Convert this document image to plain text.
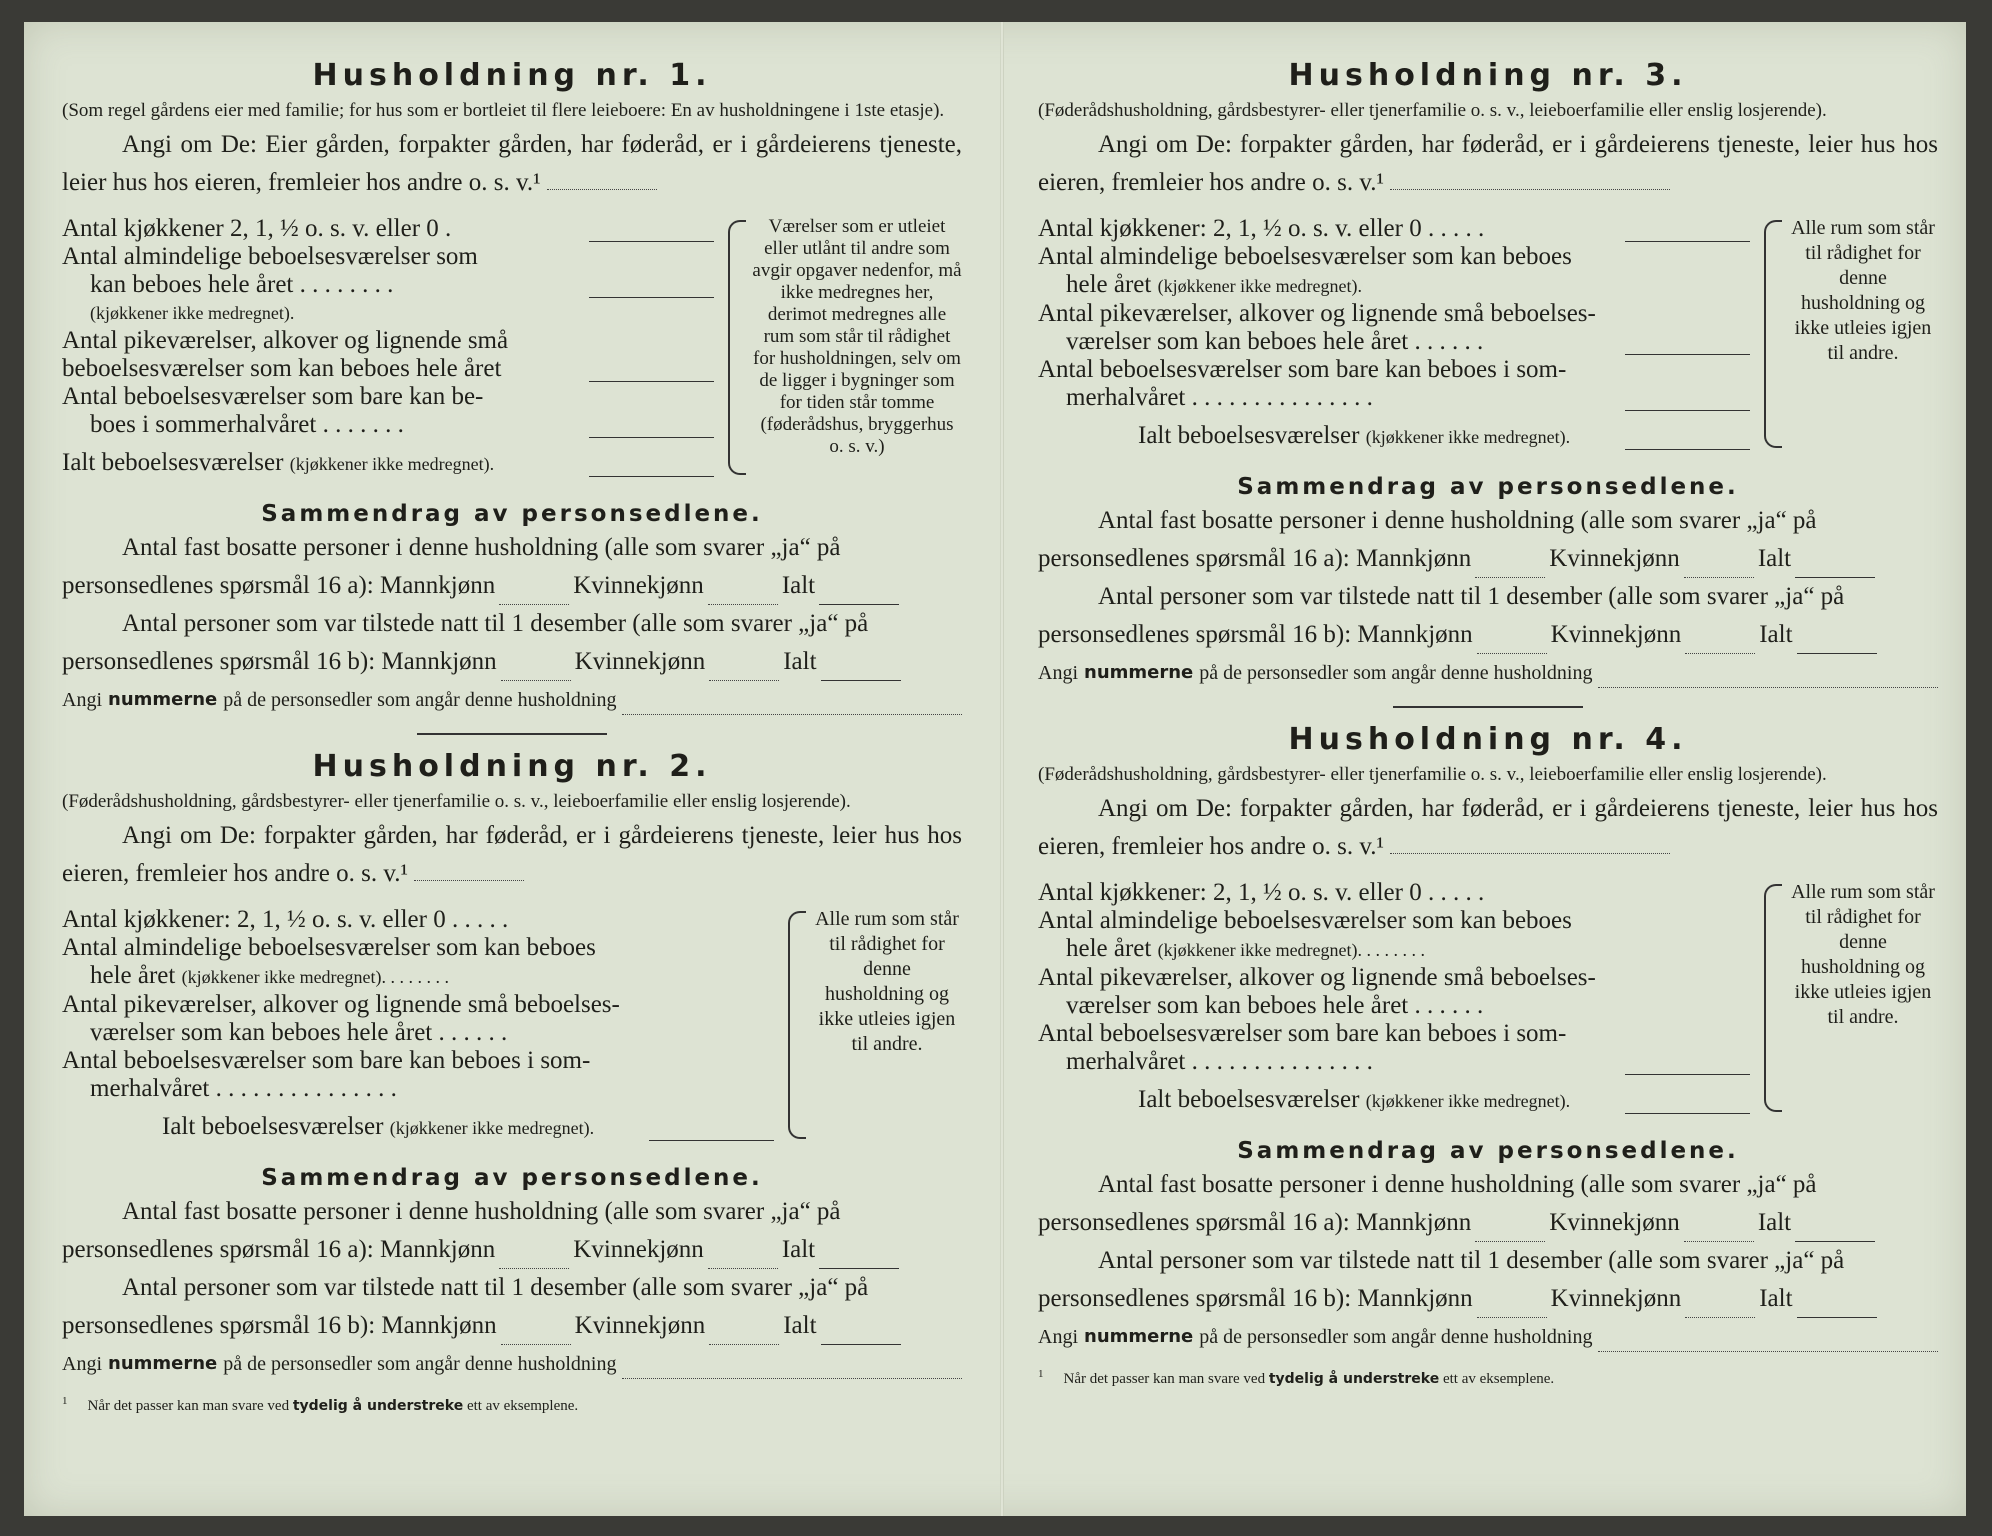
Husholdning nr. 1.

(Som regel gårdens eier med familie; for hus som er bortleiet til flere leieboere: En av husholdningene i 1ste etasje).

Angi om De: Eier gården, forpakter gården, har føderåd, er i gårdeierens tjeneste, leier hus hos eieren, fremleier hos andre o. s. v.¹

Antal kjøkkener 2, 1, ½ o. s. v. eller 0 .
Antal almindelige beboelsesværelser som
kan beboes hele året . . . . . . . .
(kjøkkener ikke medregnet).
Antal pikeværelser, alkover og lignende små
beboelsesværelser som kan beboes hele året
Antal beboelsesværelser som bare kan be-
boes i sommerhalvåret . . . . . . .
Ialt beboelsesværelser (kjøkkener ikke medregnet).
Værelser som er utleiet eller utlånt til andre som avgir opgaver nedenfor, må ikke medregnes her, derimot medregnes alle rum som står til rådighet for husholdningen, selv om de ligger i bygninger som for tiden står tomme (føderådshus, bryggerhus o. s. v.)
Sammendrag av personsedlene.

Antal fast bosatte personer i denne husholdning (alle som svarer „ja“ på

personsedlenes spørsmål 16 a):
Mannkjønn	Kvinnekjønn	Ialt

Antal personer som var tilstede natt til 1 desember (alle som svarer „ja“ på

personsedlenes spørsmål 16 b):
Mannkjønn	Kvinnekjønn	Ialt
Angi nummerne på de personsedler som angår denne husholdning
Husholdning nr. 2.

(Føderådshusholdning, gårdsbestyrer- eller tjenerfamilie o. s. v., leieboerfamilie eller enslig losjerende).

Angi om De: forpakter gården, har føderåd, er i gårdeierens tjeneste, leier hus hos eieren, fremleier hos andre o. s. v.¹

Antal kjøkkener: 2, 1, ½ o. s. v. eller 0 . . . . .
Antal almindelige beboelsesværelser som kan beboes
hele året (kjøkkener ikke medregnet). . . . . . . .
Antal pikeværelser, alkover og lignende små beboelses-
værelser som kan beboes hele året . . . . . .
Antal beboelsesværelser som bare kan beboes i som-
merhalvåret . . . . . . . . . . . . . . .
Ialt beboelsesværelser (kjøkkener ikke medregnet).
Alle rum som står til rådighet for denne husholdning og ikke utleies igjen til andre.
Sammendrag av personsedlene.

Antal fast bosatte personer i denne husholdning (alle som svarer „ja“ på

personsedlenes spørsmål 16 a):
Mannkjønn	Kvinnekjønn	Ialt

Antal personer som var tilstede natt til 1 desember (alle som svarer „ja“ på

personsedlenes spørsmål 16 b):
Mannkjønn	Kvinnekjønn	Ialt
Angi nummerne på de personsedler som angår denne husholdning
$^1$ Når det passer kan man svare ved tydelig å understreke ett av eksemplene.
Husholdning nr. 3.

(Føderådshusholdning, gårdsbestyrer- eller tjenerfamilie o. s. v., leieboerfamilie eller enslig losjerende).

Angi om De: forpakter gården, har føderåd, er i gårdeierens tjeneste, leier hus hos eieren, fremleier hos andre o. s. v.¹

Antal kjøkkener: 2, 1, ½ o. s. v. eller 0 . . . . .
Antal almindelige beboelsesværelser som kan beboes
hele året (kjøkkener ikke medregnet).
Antal pikeværelser, alkover og lignende små beboelses-
værelser som kan beboes hele året . . . . . .
Antal beboelsesværelser som bare kan beboes i som-
merhalvåret . . . . . . . . . . . . . . .
Ialt beboelsesværelser (kjøkkener ikke medregnet).
Alle rum som står til rådighet for denne husholdning og ikke utleies igjen til andre.
Sammendrag av personsedlene.

Antal fast bosatte personer i denne husholdning (alle som svarer „ja“ på

personsedlenes spørsmål 16 a):
Mannkjønn	Kvinnekjønn	Ialt

Antal personer som var tilstede natt til 1 desember (alle som svarer „ja“ på

personsedlenes spørsmål 16 b):
Mannkjønn	Kvinnekjønn	Ialt
Angi nummerne på de personsedler som angår denne husholdning
Husholdning nr. 4.

(Føderådshusholdning, gårdsbestyrer- eller tjenerfamilie o. s. v., leieboerfamilie eller enslig losjerende).

Angi om De: forpakter gården, har føderåd, er i gårdeierens tjeneste, leier hus hos eieren, fremleier hos andre o. s. v.¹

Antal kjøkkener: 2, 1, ½ o. s. v. eller 0 . . . . .
Antal almindelige beboelsesværelser som kan beboes
hele året (kjøkkener ikke medregnet). . . . . . . .
Antal pikeværelser, alkover og lignende små beboelses-
værelser som kan beboes hele året . . . . . .
Antal beboelsesværelser som bare kan beboes i som-
merhalvåret . . . . . . . . . . . . . . .
Ialt beboelsesværelser (kjøkkener ikke medregnet).
Alle rum som står til rådighet for denne husholdning og ikke utleies igjen til andre.
Sammendrag av personsedlene.

Antal fast bosatte personer i denne husholdning (alle som svarer „ja“ på

personsedlenes spørsmål 16 a):
Mannkjønn	Kvinnekjønn	Ialt

Antal personer som var tilstede natt til 1 desember (alle som svarer „ja“ på

personsedlenes spørsmål 16 b):
Mannkjønn	Kvinnekjønn	Ialt
Angi nummerne på de personsedler som angår denne husholdning
$^1$ Når det passer kan man svare ved tydelig å understreke ett av eksemplene.
